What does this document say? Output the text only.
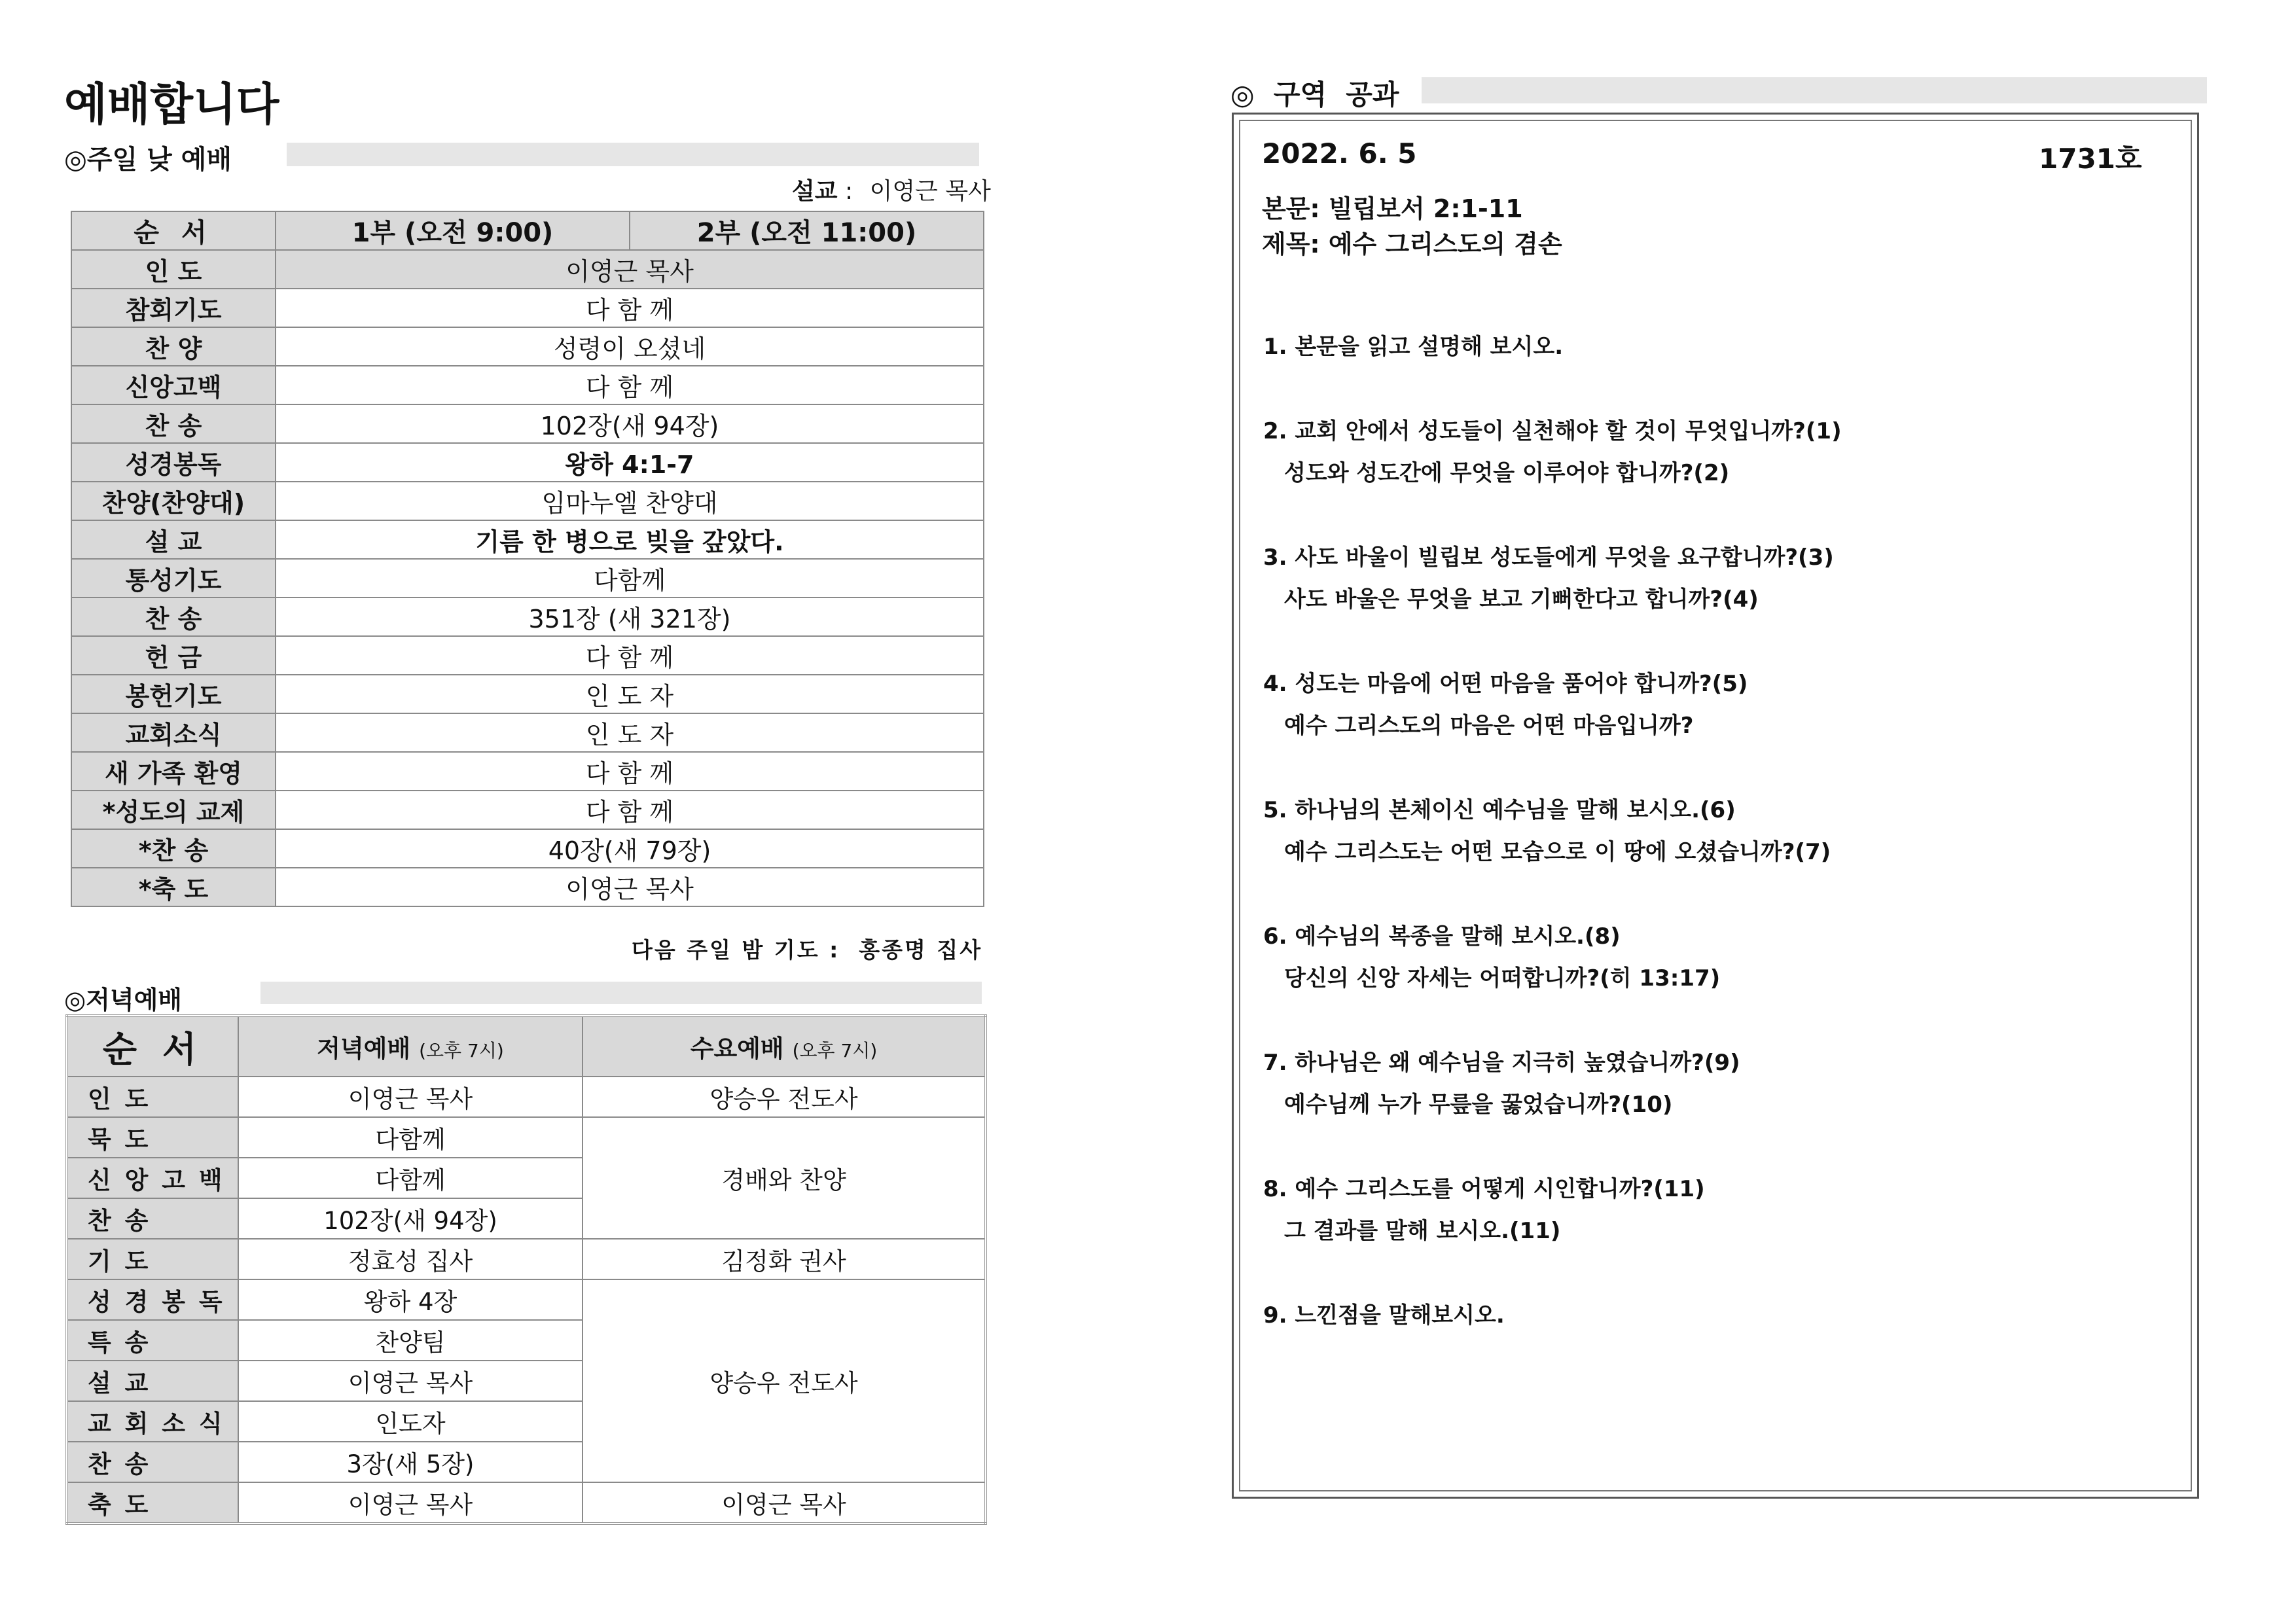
예배합니다
◎주일 낮 예배
설교 : 이영근 목사
순 서	1부 (오전 9:00)	2부 (오전 11:00)
인 도	이영근 목사	
참회기도	다 함 께	
찬 양	성령이 오셨네	
신앙고백	다 함 께	
찬 송	102장(새 94장)	
성경봉독	왕하 4:1-7	
찬양(찬양대)	임마누엘 찬양대	
설 교	기름 한 병으로 빚을 갚았다.	
통성기도	다함께	
찬 송	351장 (새 321장)	
헌 금	다 함 께	
봉헌기도	인 도 자	
교회소식	인 도 자	
새 가족 환영	다 함 께	
*성도의 교제	다 함 께	
*찬 송	40장(새 79장)	
*축 도	이영근 목사	
다음 주일 밤 기도 :  홍종명 집사
◎저녁예배
순 서	저녁예배 (오후 7시)	수요예배 (오후 7시)
인 도	이영근 목사	양승우 전도사
묵 도	다함께	경배와 찬양
신 앙 고 백	다함께	
찬 송	102장(새 94장)	
기 도	정효성 집사	김정화 권사
성 경 봉 독	왕하 4장	양승우 전도사
특 송	찬양팀	
설 교	이영근 목사	
교 회 소 식	인도자	
찬 송	3장(새 5장)	
축 도	이영근 목사	이영근 목사
◎  구역  공과
2022. 6. 5	1731호
본문: 빌립보서 2:1-11
제목: 예수 그리스도의 겸손
1. 본문을 읽고 설명해 보시오.
2. 교회 안에서 성도들이 실천해야 할 것이 무엇입니까?(1)
성도와 성도간에 무엇을 이루어야 합니까?(2)
3. 사도 바울이 빌립보 성도들에게 무엇을 요구합니까?(3)
사도 바울은 무엇을 보고 기뻐한다고 합니까?(4)
4. 성도는 마음에 어떤 마음을 품어야 합니까?(5)
예수 그리스도의 마음은 어떤 마음입니까?
5. 하나님의 본체이신 예수님을 말해 보시오.(6)
예수 그리스도는 어떤 모습으로 이 땅에 오셨습니까?(7)
6. 예수님의 복종을 말해 보시오.(8)
당신의 신앙 자세는 어떠합니까?(히 13:17)
7. 하나님은 왜 예수님을 지극히 높였습니까?(9)
예수님께 누가 무릎을 꿇었습니까?(10)
8. 예수 그리스도를 어떻게 시인합니까?(11)
그 결과를 말해 보시오.(11)
9. 느낀점을 말해보시오.
